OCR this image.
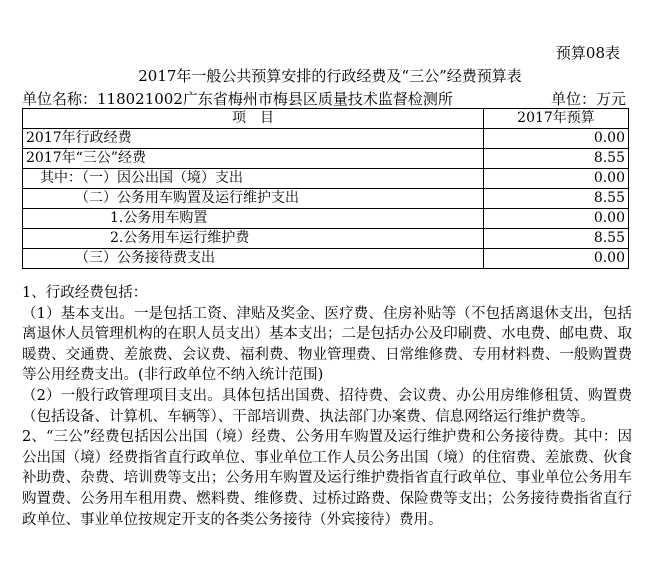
预算08表
2017年一般公共预算安排的行政经费及“三公”经费预算表
单位名称：118021002广东省梅州市梅县区质量技术监督检测所	单位：万元
项　目	2017年预算
2017年行政经费	0.00
2017年“三公”经费	8.55
　其中：（一）因公出国（境）支出	0.00
　　　　（二）公务用车购置及运行维护支出	8.55
　　　　　　1.公务用车购置	0.00
　　　　　　2.公务用车运行维护费	8.55
　　　　（三）公务接待费支出	0.00

1、行政经费包括：

（1）基本支出。一是包括工资、津贴及奖金、医疗费、住房补贴等（不包括离退休支出，包括离退休人员管理机构的在职人员支出）基本支出；二是包括办公及印刷费、水电费、邮电费、取暖费、交通费、差旅费、会议费、福利费、物业管理费、日常维修费、专用材料费、一般购置费等公用经费支出。(非行政单位不纳入统计范围)

（2）一般行政管理项目支出。具体包括出国费、招待费、会议费、办公用房维修租赁、购置费（包括设备、计算机、车辆等）、干部培训费、执法部门办案费、信息网络运行维护费等。

2、“三公”经费包括因公出国（境）经费、公务用车购置及运行维护费和公务接待费。其中：因公出国（境）经费指省直行政单位、事业单位工作人员公务出国（境）的住宿费、差旅费、伙食补助费、杂费、培训费等支出；公务用车购置及运行维护费指省直行政单位、事业单位公务用车购置费、公务用车租用费、燃料费、维修费、过桥过路费、保险费等支出；公务接待费指省直行政单位、事业单位按规定开支的各类公务接待（外宾接待）费用。
